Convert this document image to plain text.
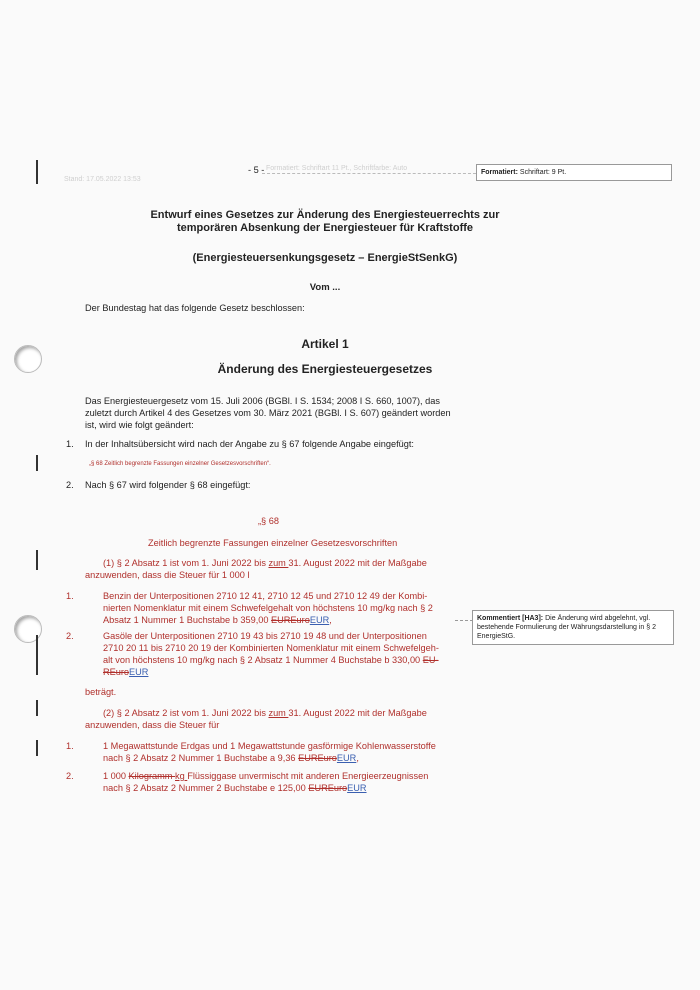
Stand: 17.05.2022 13:53
- 5 - Formatiert: Schriftart 11 Pt., Schriftfarbe: Auto
Formatiert: Schriftart: 9 Pt.
Entwurf eines Gesetzes zur Änderung des Energiesteuerrechts zur
temporären Absenkung der Energiesteuer für Kraftstoffe
(Energiesteuersenkungsgesetz – EnergieStSenkG)
Vom ...
Der Bundestag hat das folgende Gesetz beschlossen:
Artikel 1
Änderung des Energiesteuergesetzes
Das Energiesteuergesetz vom 15. Juli 2006 (BGBl. I S. 1534; 2008 I S. 660, 1007), das
zuletzt durch Artikel 4 des Gesetzes vom 30. März 2021 (BGBl. I S. 607) geändert worden
ist, wird wie folgt geändert:
1. In der Inhaltsübersicht wird nach der Angabe zu § 67 folgende Angabe eingefügt:
„§ 68 Zeitlich begrenzte Fassungen einzelner Gesetzesvorschriften“.
2. Nach § 67 wird folgender § 68 eingefügt:
„§ 68
Zeitlich begrenzte Fassungen einzelner Gesetzesvorschriften
(1) § 2 Absatz 1 ist vom 1. Juni 2022 bis zum 31. August 2022 mit der Maßgabe
anzuwenden, dass die Steuer für 1 000 l
1.	Benzin der Unterpositionen 2710 12 41, 2710 12 45 und 2710 12 49 der Kombi-
nierten Nomenklatur mit einem Schwefelgehalt von höchstens 10 mg/kg nach § 2
Absatz 1 Nummer 1 Buchstabe b 359,00 EUREuroEUR,
2.	Gasöle der Unterpositionen 2710 19 43 bis 2710 19 48 und der Unterpositionen
2710 20 11 bis 2710 20 19 der Kombinierten Nomenklatur mit einem Schwefelgeh-
alt von höchstens 10 mg/kg nach § 2 Absatz 1 Nummer 4 Buchstabe b 330,00 EU-
REuroEUR
beträgt.
(2) § 2 Absatz 2 ist vom 1. Juni 2022 bis zum 31. August 2022 mit der Maßgabe
anzuwenden, dass die Steuer für
1.	1 Megawattstunde Erdgas und 1 Megawattstunde gasförmige Kohlenwasserstoffe
nach § 2 Absatz 2 Nummer 1 Buchstabe a 9,36 EUREuroEUR,
2.	1 000 Kilogramm kg Flüssiggase unvermischt mit anderen Energieerzeugnissen
nach § 2 Absatz 2 Nummer 2 Buchstabe e 125,00 EUREuroEUR
Kommentiert [HA3]: Die Änderung wird abgelehnt, vgl. bestehende Formulierung der Währungsdarstellung in § 2 EnergieStG.
